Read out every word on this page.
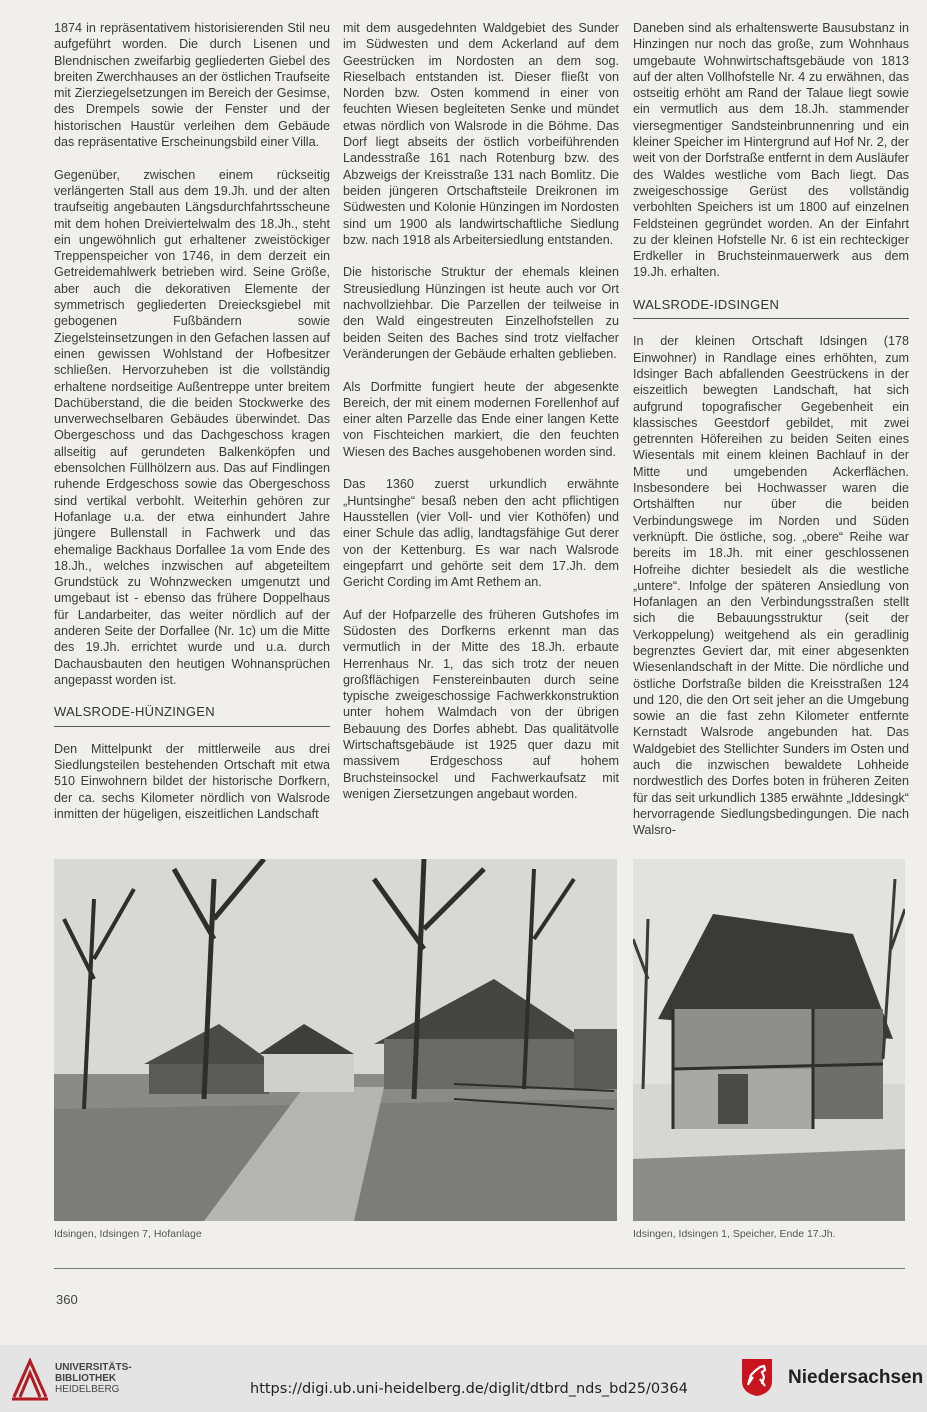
1874 in repräsentativem historisierenden Stil neu aufgeführt worden. Die durch Lisenen und Blendnischen zweifarbig gegliederten Giebel des breiten Zwerchhauses an der östlichen Traufseite mit Zierziegelsetzungen im Bereich der Gesimse, des Drempels sowie der Fenster und der historischen Haustür verleihen dem Gebäude das repräsentative Erscheinungsbild einer Villa.

Gegenüber, zwischen einem rückseitig verlängerten Stall aus dem 19.Jh. und der alten traufseitig angebauten Längsdurchfahrtsscheune mit dem hohen Dreiviertelwalm des 18.Jh., steht ein ungewöhnlich gut erhaltener zweistöckiger Treppenspeicher von 1746, in dem derzeit ein Getreidemahlwerk betrieben wird. Seine Größe, aber auch die dekorativen Elemente der symmetrisch gegliederten Dreiecksgiebel mit gebogenen Fußbändern sowie Ziegelsteinsetzungen in den Gefachen lassen auf einen gewissen Wohlstand der Hofbesitzer schließen. Hervorzuheben ist die vollständig erhaltene nordseitige Außentreppe unter breitem Dachüberstand, die die beiden Stockwerke des unverwechselbaren Gebäudes überwindet. Das Obergeschoss und das Dachgeschoss kragen allseitig auf gerundeten Balkenköpfen und ebensolchen Füllhölzern aus. Das auf Findlingen ruhende Erdgeschoss sowie das Obergeschoss sind vertikal verbohlt. Weiterhin gehören zur Hofanlage u.a. der etwa einhundert Jahre jüngere Bullenstall in Fachwerk und das ehemalige Backhaus Dorfallee 1a vom Ende des 18.Jh., welches inzwischen auf abgeteiltem Grundstück zu Wohnzwecken umgenutzt und umgebaut ist - ebenso das frühere Doppelhaus für Landarbeiter, das weiter nördlich auf der anderen Seite der Dorfallee (Nr. 1c) um die Mitte des 19.Jh. errichtet wurde und u.a. durch Dachausbauten den heutigen Wohnansprüchen angepasst worden ist.

WALSRODE-HÜNZINGEN

Den Mittelpunkt der mittlerweile aus drei Siedlungsteilen bestehenden Ortschaft mit etwa 510 Einwohnern bildet der historische Dorfkern, der ca. sechs Kilometer nördlich von Walsrode inmitten der hügeligen, eiszeitlichen Landschaft

mit dem ausgedehnten Waldgebiet des Sunder im Südwesten und dem Ackerland auf dem Geestrücken im Nordosten an dem sog. Rieselbach entstanden ist. Dieser fließt von Norden bzw. Osten kommend in einer von feuchten Wiesen begleiteten Senke und mündet etwas nördlich von Walsrode in die Böhme. Das Dorf liegt abseits der östlich vorbeiführenden Landesstraße 161 nach Rotenburg bzw. des Abzweigs der Kreisstraße 131 nach Bomlitz. Die beiden jüngeren Ortschaftsteile Dreikronen im Südwesten und Kolonie Hünzingen im Nordosten sind um 1900 als landwirtschaftliche Siedlung bzw. nach 1918 als Arbeitersiedlung entstanden.

Die historische Struktur der ehemals kleinen Streusiedlung Hünzingen ist heute auch vor Ort nachvollziehbar. Die Parzellen der teilweise in den Wald eingestreuten Einzelhofstellen zu beiden Seiten des Baches sind trotz vielfacher Veränderungen der Gebäude erhalten geblieben.

Als Dorfmitte fungiert heute der abgesenkte Bereich, der mit einem modernen Forellenhof auf einer alten Parzelle das Ende einer langen Kette von Fischteichen markiert, die den feuchten Wiesen des Baches ausgehobenen worden sind.

Das 1360 zuerst urkundlich erwähnte „Huntsinghe“ besaß neben den acht pflichtigen Hausstellen (vier Voll- und vier Kothöfen) und einer Schule das adlig, landtagsfähige Gut derer von der Kettenburg. Es war nach Walsrode eingepfarrt und gehörte seit dem 17.Jh. dem Gericht Cording im Amt Rethem an.

Auf der Hofparzelle des früheren Gutshofes im Südosten des Dorfkerns erkennt man das vermutlich in der Mitte des 18.Jh. erbaute Herrenhaus Nr. 1, das sich trotz der neuen großflächigen Fenstereinbauten durch seine typische zweigeschossige Fachwerkkonstruktion unter hohem Walmdach von der übrigen Bebauung des Dorfes abhebt. Das qualitätvolle Wirtschaftsgebäude ist 1925 quer dazu mit massivem Erdgeschoss auf hohem Bruchsteinsockel und Fachwerkaufsatz mit wenigen Ziersetzungen angebaut worden.

Daneben sind als erhaltenswerte Bausubstanz in Hinzingen nur noch das große, zum Wohnhaus umgebaute Wohnwirtschaftsgebäude von 1813 auf der alten Vollhofstelle Nr. 4 zu erwähnen, das ostseitig erhöht am Rand der Talaue liegt sowie ein vermutlich aus dem 18.Jh. stammender viersegmentiger Sandsteinbrunnenring und ein kleiner Speicher im Hintergrund auf Hof Nr. 2, der weit von der Dorfstraße entfernt in dem Ausläufer des Waldes westliche vom Bach liegt. Das zweigeschossige Gerüst des vollständig verbohlten Speichers ist um 1800 auf einzelnen Feldsteinen gegründet worden. An der Einfahrt zu der kleinen Hofstelle Nr. 6 ist ein rechteckiger Erdkeller in Bruchsteinmauerwerk aus dem 19.Jh. erhalten.

WALSRODE-IDSINGEN

In der kleinen Ortschaft Idsingen (178 Einwohner) in Randlage eines erhöhten, zum Idsinger Bach abfallenden Geestrückens in der eiszeitlich bewegten Landschaft, hat sich aufgrund topografischer Gegebenheit ein klassisches Geestdorf gebildet, mit zwei getrennten Höfereihen zu beiden Seiten eines Wiesentals mit einem kleinen Bachlauf in der Mitte und umgebenden Ackerflächen. Insbesondere bei Hochwasser waren die Ortshälften nur über die beiden Verbindungswege im Norden und Süden verknüpft. Die östliche, sog. „obere“ Reihe war bereits im 18.Jh. mit einer geschlossenen Hofreihe dichter besiedelt als die westliche „untere“. Infolge der späteren Ansiedlung von Hofanlagen an den Verbindungsstraßen stellt sich die Bebauungsstruktur (seit der Verkoppelung) weitgehend als ein geradlinig begrenztes Geviert dar, mit einer abgesenkten Wiesenlandschaft in der Mitte. Die nördliche und östliche Dorfstraße bilden die Kreisstraßen 124 und 120, die den Ort seit jeher an die Umgebung sowie an die fast zehn Kilometer entfernte Kernstadt Walsrode angebunden hat. Das Waldgebiet des Stellichter Sunders im Osten und auch die inzwischen bewaldete Lohheide nordwestlich des Dorfes boten in früheren Zeiten für das seit urkundlich 1385 erwähnte „Iddesingk“ hervorragende Siedlungsbedingungen. Die nach Walsro-

Idsingen, Idsingen 7, Hofanlage	Idsingen, Idsingen 1, Speicher, Ende 17.Jh.
360
UNIVERSITÄTS-
BIBLIOTHEK
HEIDELBERG	https://digi.ub.uni-heidelberg.de/diglit/dtbrd_nds_bd25/0364
Niedersachsen
